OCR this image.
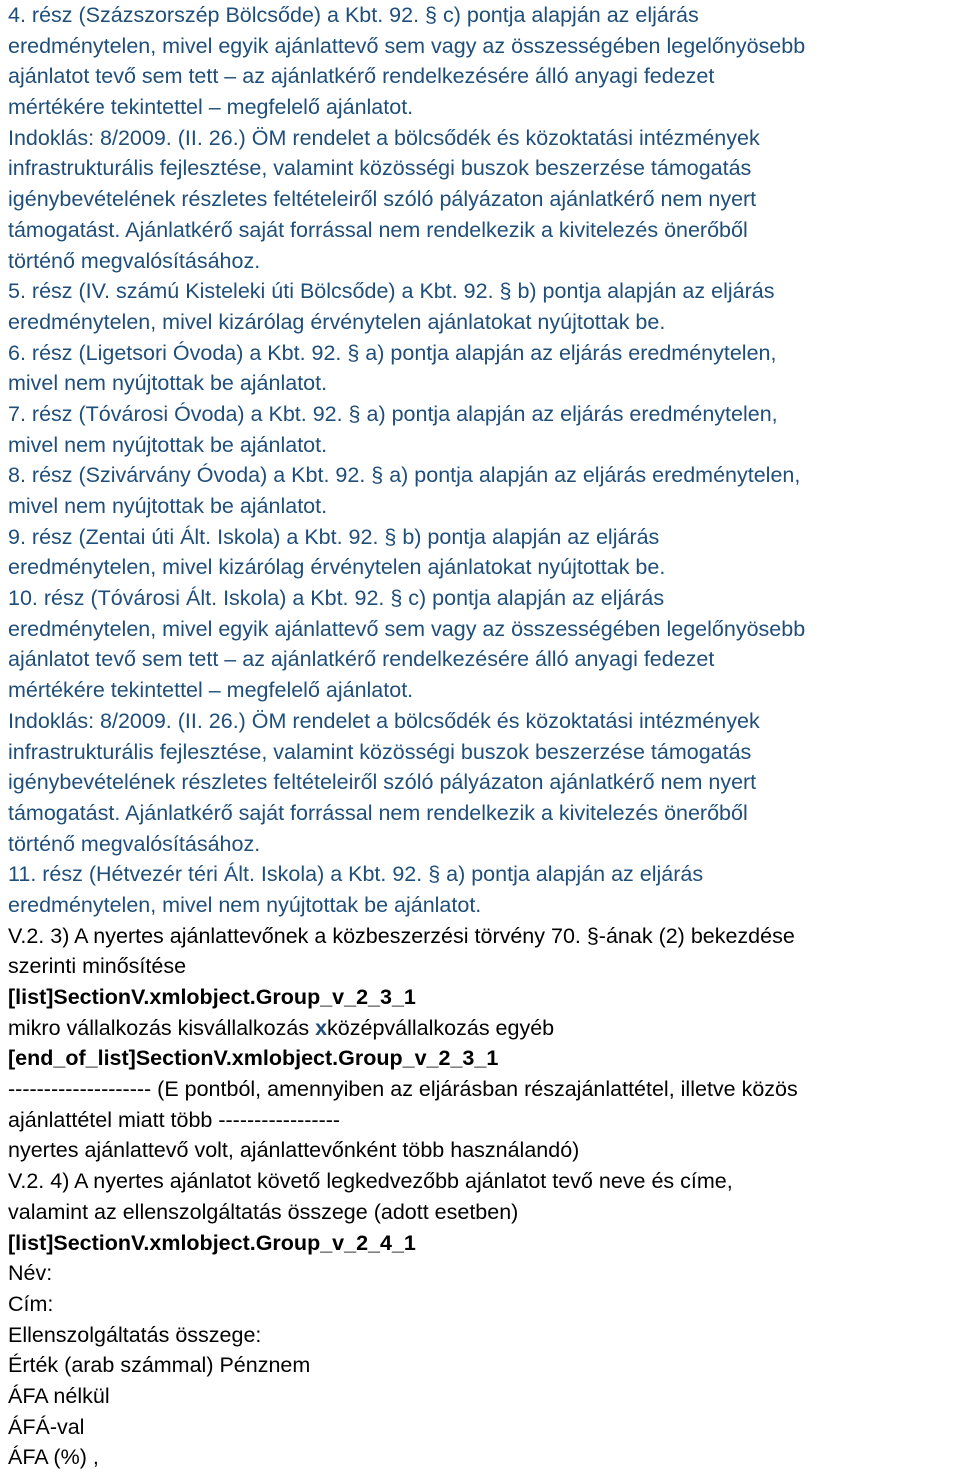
4. rész (Százszorszép Bölcsőde) a Kbt. 92. § c) pontja alapján az eljárás
eredménytelen, mivel egyik ajánlattevő sem vagy az összességében legelőnyösebb
ajánlatot tevő sem tett – az ajánlatkérő rendelkezésére álló anyagi fedezet
mértékére tekintettel – megfelelő ajánlatot.
Indoklás: 8/2009. (II. 26.) ÖM rendelet a bölcsődék és közoktatási intézmények
infrastrukturális fejlesztése, valamint közösségi buszok beszerzése támogatás
igénybevételének részletes feltételeiről szóló pályázaton ajánlatkérő nem nyert
támogatást. Ajánlatkérő saját forrással nem rendelkezik a kivitelezés önerőből
történő megvalósításához.
5. rész (IV. számú Kisteleki úti Bölcsőde) a Kbt. 92. § b) pontja alapján az eljárás
eredménytelen, mivel kizárólag érvénytelen ajánlatokat nyújtottak be.
6. rész (Ligetsori Óvoda) a Kbt. 92. § a) pontja alapján az eljárás eredménytelen,
mivel nem nyújtottak be ajánlatot.
7. rész (Tóvárosi Óvoda) a Kbt. 92. § a) pontja alapján az eljárás eredménytelen,
mivel nem nyújtottak be ajánlatot.
8. rész (Szivárvány Óvoda) a Kbt. 92. § a) pontja alapján az eljárás eredménytelen,
mivel nem nyújtottak be ajánlatot.
9. rész (Zentai úti Ált. Iskola) a Kbt. 92. § b) pontja alapján az eljárás
eredménytelen, mivel kizárólag érvénytelen ajánlatokat nyújtottak be.
10. rész (Tóvárosi Ált. Iskola) a Kbt. 92. § c) pontja alapján az eljárás
eredménytelen, mivel egyik ajánlattevő sem vagy az összességében legelőnyösebb
ajánlatot tevő sem tett – az ajánlatkérő rendelkezésére álló anyagi fedezet
mértékére tekintettel – megfelelő ajánlatot.
Indoklás: 8/2009. (II. 26.) ÖM rendelet a bölcsődék és közoktatási intézmények
infrastrukturális fejlesztése, valamint közösségi buszok beszerzése támogatás
igénybevételének részletes feltételeiről szóló pályázaton ajánlatkérő nem nyert
támogatást. Ajánlatkérő saját forrással nem rendelkezik a kivitelezés önerőből
történő megvalósításához.
11. rész (Hétvezér téri Ált. Iskola) a Kbt. 92. § a) pontja alapján az eljárás
eredménytelen, mivel nem nyújtottak be ajánlatot.
V.2. 3) A nyertes ajánlattevőnek a közbeszerzési törvény 70. §-ának (2) bekezdése
szerinti minősítése
[list]SectionV.xmlobject.Group_v_2_3_1
mikro vállalkozás kisvállalkozás xközépvállalkozás egyéb
[end_of_list]SectionV.xmlobject.Group_v_2_3_1
-------------------- (E pontból, amennyiben az eljárásban részajánlattétel, illetve közös
ajánlattétel miatt több -----------------
nyertes ajánlattevő volt, ajánlattevőnként több használandó)
V.2. 4) A nyertes ajánlatot követő legkedvezőbb ajánlatot tevő neve és címe,
valamint az ellenszolgáltatás összege (adott esetben)
[list]SectionV.xmlobject.Group_v_2_4_1
Név:
Cím:
Ellenszolgáltatás összege:
Érték (arab számmal) Pénznem
ÁFA nélkül
ÁFÁ-val
ÁFA (%) ,
